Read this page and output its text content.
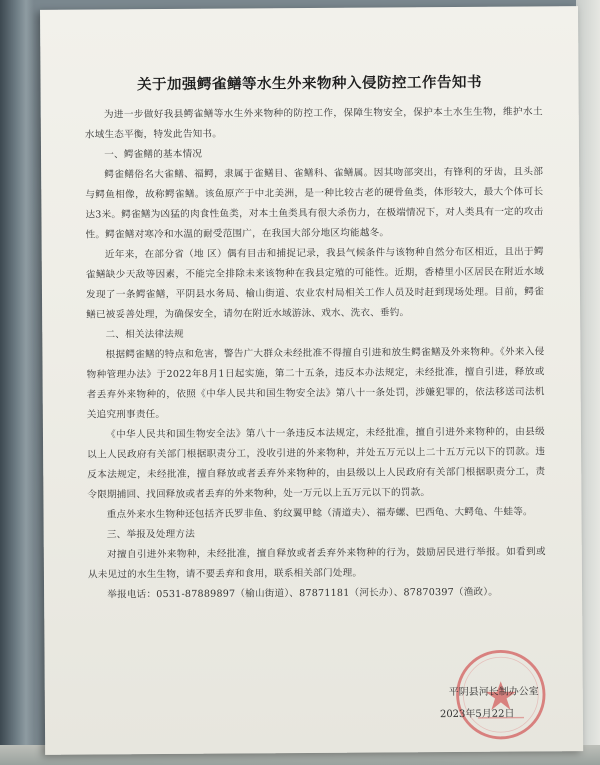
关于加强鳄雀鳝等水生外来物种入侵防控工作告知书

为进一步做好我县鳄雀鳝等水生外来物种的防控工作，保障生物安全，保护本土水生生物，维护水土水域生态平衡，特发此告知书。

一、鳄雀鳝的基本情况

鳄雀鳝俗名大雀鳝、福鳄，隶属于雀鳝目、雀鳝科、雀鳝属。因其吻部突出，有锋利的牙齿，且头部与鳄鱼相像，故称鳄雀鳝。该鱼原产于中北美洲，是一种比较古老的硬骨鱼类，体形较大，最大个体可长达3米。鳄雀鳝为凶猛的肉食性鱼类，对本土鱼类具有很大杀伤力，在极端情况下，对人类具有一定的攻击性。鳄雀鳝对寒冷和水温的耐受范围广，在我国大部分地区均能越冬。

近年来，在部分省（地 区）偶有目击和捕捉记录，我县气候条件与该物种自然分布区相近，且出于鳄雀鳝缺少天敌等因素，不能完全排除未来该物种在我县定殖的可能性。近期，香椿里小区居民在附近水域发现了一条鳄雀鳝，平阴县水务局、榆山街道、农业农村局相关工作人员及时赶到现场处理。目前，鳄雀鳝已被妥善处理，为确保安全，请勿在附近水域游泳、戏水、洗衣、垂钓。

二、相关法律法规

根据鳄雀鳝的特点和危害，警告广大群众未经批准不得擅自引进和放生鳄雀鳝及外来物种。《外来入侵物种管理办法》于2022年8月1日起实施，第二十五条，违反本办法规定，未经批准，擅自引进，释放或者丢弃外来物种的，依照《中华人民共和国生物安全法》第八十一条处罚，涉嫌犯罪的，依法移送司法机关追究刑事责任。

《中华人民共和国生物安全法》第八十一条违反本法规定，未经批准，擅自引进外来物种的，由县级以上人民政府有关部门根据职责分工，没收引进的外来物种，并处五万元以上二十五万元以下的罚款。违反本法规定，未经批准，擅自释放或者丢弃外来物种的，由县级以上人民政府有关部门根据职责分工，责令限期捕回、找回释放或者丢弃的外来物种，处一万元以上五万元以下的罚款。

重点外来水生物种还包括齐氏罗非鱼、豹纹翼甲鲶（清道夫）、福寿螺、巴西龟、大鳄龟、牛蛙等。

三、举报及处理方法

对擅自引进外来物种，未经批准，擅自释放或者丢弃外来物种的行为，鼓励居民进行举报。如看到或从未见过的水生生物，请不要丢弃和食用，联系相关部门处理。

举报电话：0531-87889897（榆山街道）、87871181（河长办）、87870397（渔政）。

平阴县河长制办公室
2023年5月22日
